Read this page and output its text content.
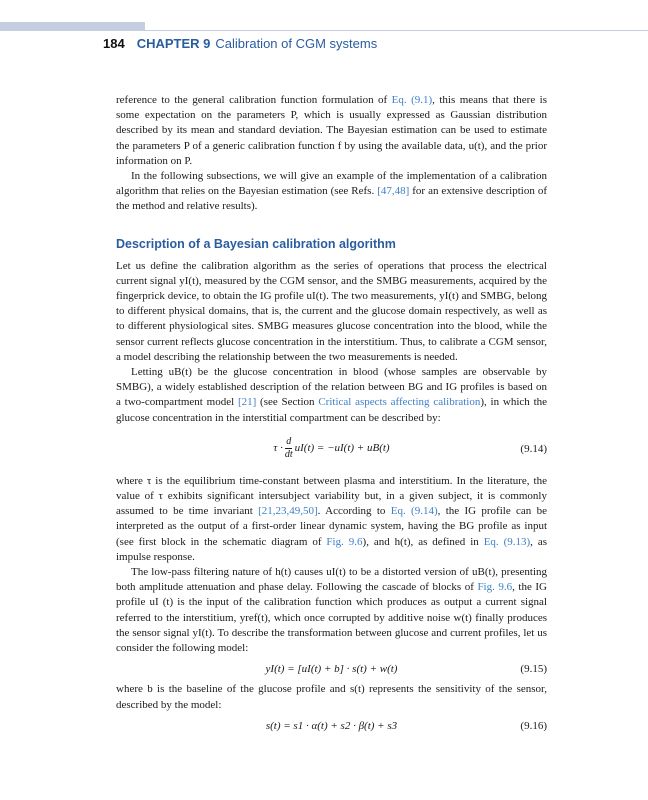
184 CHAPTER 9 Calibration of CGM systems

reference to the general calibration function formulation of Eq. (9.1), this means that there is some expectation on the parameters P, which is usually expressed as Gaussian distribution described by its mean and standard deviation. The Bayesian estimation can be used to estimate the parameters P of a generic calibration function f by using the available data, u(t), and the prior information on P.

In the following subsections, we will give an example of the implementation of a calibration algorithm that relies on the Bayesian estimation (see Refs. [47,48] for an extensive description of the method and relative results).

Description of a Bayesian calibration algorithm

Let us define the calibration algorithm as the series of operations that process the electrical current signal yI(t), measured by the CGM sensor, and the SMBG measurements, acquired by the fingerprick device, to obtain the IG profile uI(t). The two measurements, yI(t) and SMBG, belong to different physical domains, that is, the current and the glucose domain respectively, as well as to different physiological sites. SMBG measures glucose concentration into the blood, while the sensor current reflects glucose concentration in the interstitium. Thus, to calibrate a CGM sensor, a model describing the relationship between the two measurements is needed.

Letting uB(t) be the glucose concentration in blood (whose samples are observable by SMBG), a widely established description of the relation between BG and IG profiles is based on a two-compartment model [21] (see Section Critical aspects affecting calibration), in which the glucose concentration in the interstitial compartment can be described by:

$\tau \cdot \frac{d}{dt} uI(t) = -uI(t) + uB(t)$	(9.14)

where τ is the equilibrium time-constant between plasma and interstitium. In the literature, the value of τ exhibits significant intersubject variability but, in a given subject, it is commonly assumed to be time invariant [21,23,49,50]. According to Eq. (9.14), the IG profile can be interpreted as the output of a first-order linear dynamic system, having the BG profile as input (see first block in the schematic diagram of Fig. 9.6), and h(t), as defined in Eq. (9.13), as impulse response.

The low-pass filtering nature of h(t) causes uI(t) to be a distorted version of uB(t), presenting both amplitude attenuation and phase delay. Following the cascade of blocks of Fig. 9.6, the IG profile uI (t) is the input of the calibration function which produces as output a current signal referred to the interstitium, yref(t), which once corrupted by additive noise w(t) finally produces the sensor signal yI(t). To describe the transformation between glucose and current profiles, let us consider the following model:

yI(t) = [uI(t) + b] · s(t) + w(t)	(9.15)

where b is the baseline of the glucose profile and s(t) represents the sensitivity of the sensor, described by the model:

s(t) = s1 · α(t) + s2 · β(t) + s3	(9.16)
